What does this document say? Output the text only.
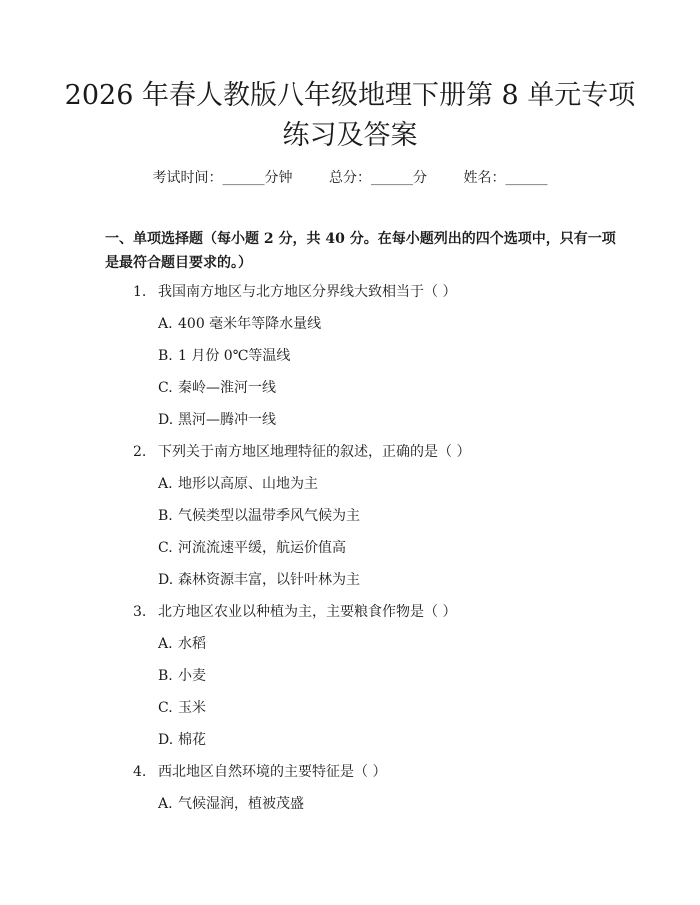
2026 年春人教版八年级地理下册第 8 单元专项练习及答案
考试时间：______分钟	总分：______分	姓名：______

一、单项选择题（每小题 2 分，共 40 分。在每小题列出的四个选项中，只有一项是最符合题目要求的。）

1. 我国南方地区与北方地区分界线大致相当于（ ）
A. 400 毫米年等降水量线
B. 1 月份 0℃等温线
C. 秦岭—淮河一线
D. 黑河—腾冲一线
2. 下列关于南方地区地理特征的叙述，正确的是（ ）
A. 地形以高原、山地为主
B. 气候类型以温带季风气候为主
C. 河流流速平缓，航运价值高
D. 森林资源丰富，以针叶林为主
3. 北方地区农业以种植为主，主要粮食作物是（ ）
A. 水稻
B. 小麦
C. 玉米
D. 棉花
4. 西北地区自然环境的主要特征是（ ）
A. 气候湿润，植被茂盛
